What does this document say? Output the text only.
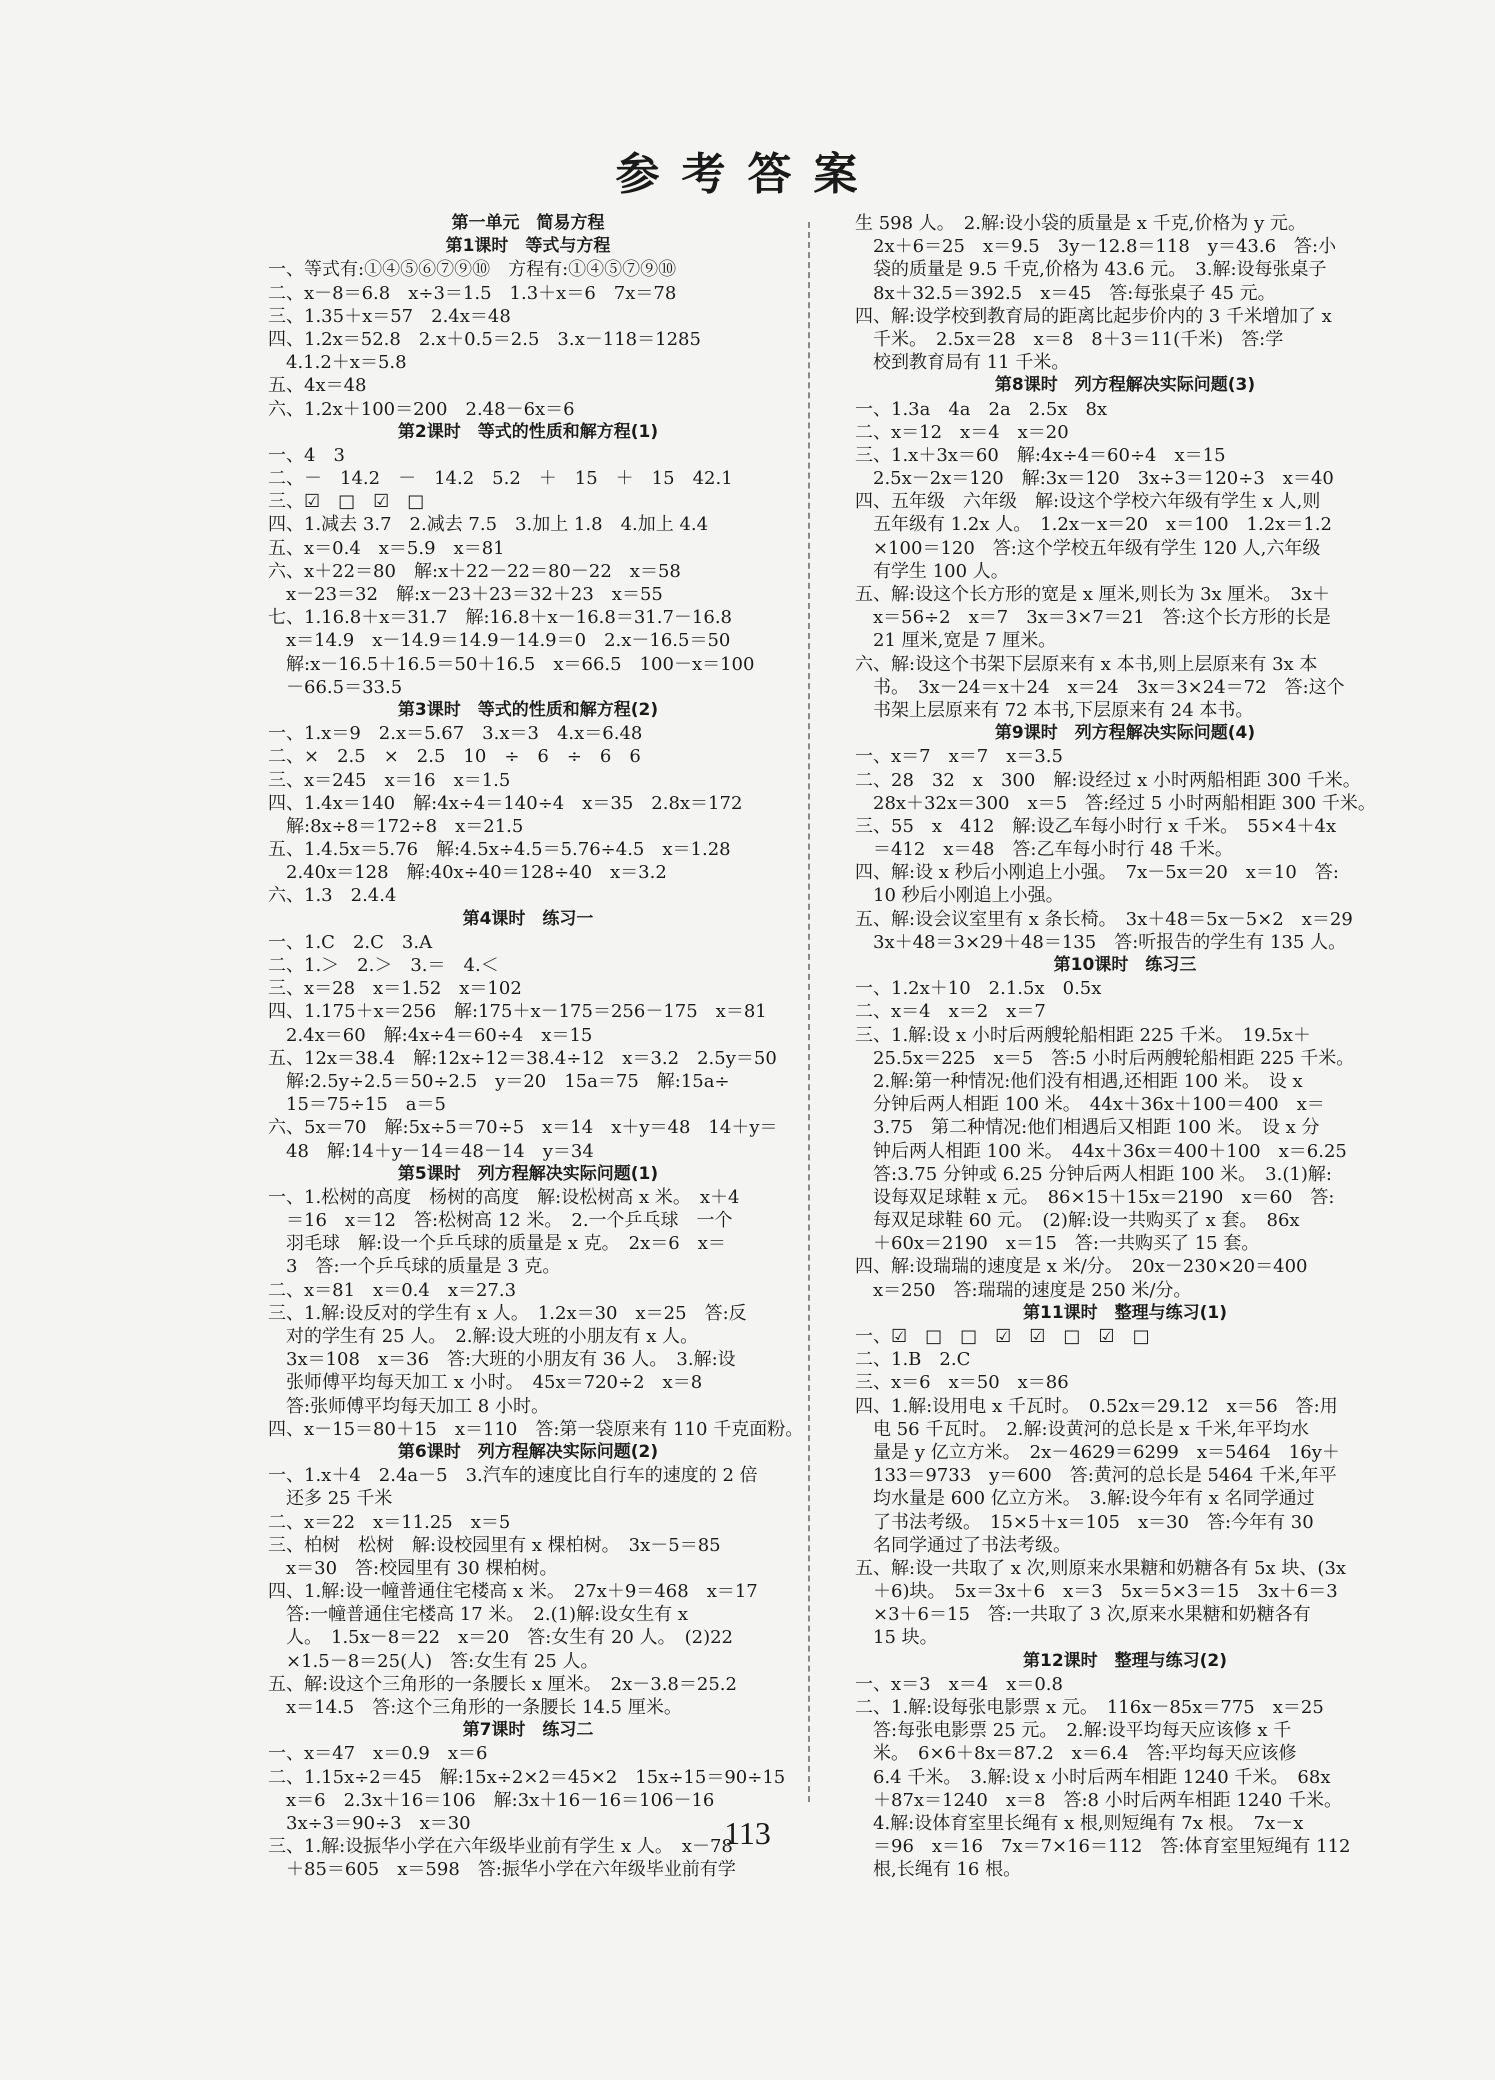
参考答案
第一单元　简易方程
第1课时　等式与方程
一、等式有:①④⑤⑥⑦⑨⑩　方程有:①④⑤⑦⑨⑩
二、x－8＝6.8　x÷3＝1.5　1.3＋x＝6　7x＝78
三、1.35＋x＝57　2.4x＝48
四、1.2x＝52.8　2.x＋0.5＝2.5　3.x－118＝1285
　4.1.2＋x＝5.8
五、4x＝48
六、1.2x＋100＝200　2.48－6x＝6
第2课时　等式的性质和解方程(1)
一、4　3
二、－　14.2　－　14.2　5.2　＋　15　＋　15　42.1
三、☑　□　☑　□
四、1.减去 3.7　2.减去 7.5　3.加上 1.8　4.加上 4.4
五、x＝0.4　x＝5.9　x＝81
六、x＋22＝80　解:x＋22－22＝80－22　x＝58
　x－23＝32　解:x－23＋23＝32＋23　x＝55
七、1.16.8＋x＝31.7　解:16.8＋x－16.8＝31.7－16.8
　x＝14.9　x－14.9＝14.9－14.9＝0　2.x－16.5＝50
　解:x－16.5＋16.5＝50＋16.5　x＝66.5　100－x＝100
　－66.5＝33.5
第3课时　等式的性质和解方程(2)
一、1.x＝9　2.x＝5.67　3.x＝3　4.x＝6.48
二、×　2.5　×　2.5　10　÷　6　÷　6　6
三、x＝245　x＝16　x＝1.5
四、1.4x＝140　解:4x÷4＝140÷4　x＝35　2.8x＝172
　解:8x÷8＝172÷8　x＝21.5
五、1.4.5x＝5.76　解:4.5x÷4.5＝5.76÷4.5　x＝1.28
　2.40x＝128　解:40x÷40＝128÷40　x＝3.2
六、1.3　2.4.4
第4课时　练习一
一、1.C　2.C　3.A
二、1.＞　2.＞　3.＝　4.＜
三、x＝28　x＝1.52　x＝102
四、1.175＋x＝256　解:175＋x－175＝256－175　x＝81
　2.4x＝60　解:4x÷4＝60÷4　x＝15
五、12x＝38.4　解:12x÷12＝38.4÷12　x＝3.2　2.5y＝50
　解:2.5y÷2.5＝50÷2.5　y＝20　15a＝75　解:15a÷
　15＝75÷15　a＝5
六、5x＝70　解:5x÷5＝70÷5　x＝14　x＋y＝48　14＋y＝
　48　解:14＋y－14＝48－14　y＝34
第5课时　列方程解决实际问题(1)
一、1.松树的高度　杨树的高度　解:设松树高 x 米。　x＋4
　＝16　x＝12　答:松树高 12 米。　2.一个乒乓球　一个
　羽毛球　解:设一个乒乓球的质量是 x 克。　2x＝6　x＝
　3　答:一个乒乓球的质量是 3 克。
二、x＝81　x＝0.4　x＝27.3
三、1.解:设反对的学生有 x 人。　1.2x＝30　x＝25　答:反
　对的学生有 25 人。　2.解:设大班的小朋友有 x 人。
　3x＝108　x＝36　答:大班的小朋友有 36 人。　3.解:设
　张师傅平均每天加工 x 小时。　45x＝720÷2　x＝8
　答:张师傅平均每天加工 8 小时。
四、x－15＝80＋15　x＝110　答:第一袋原来有 110 千克面粉。
第6课时　列方程解决实际问题(2)
一、1.x＋4　2.4a－5　3.汽车的速度比自行车的速度的 2 倍
　还多 25 千米
二、x＝22　x＝11.25　x＝5
三、柏树　松树　解:设校园里有 x 棵柏树。　3x－5＝85
　x＝30　答:校园里有 30 棵柏树。
四、1.解:设一幢普通住宅楼高 x 米。　27x＋9＝468　x＝17
　答:一幢普通住宅楼高 17 米。　2.(1)解:设女生有 x
　人。　1.5x－8＝22　x＝20　答:女生有 20 人。　(2)22
　×1.5－8＝25(人)　答:女生有 25 人。
五、解:设这个三角形的一条腰长 x 厘米。　2x－3.8＝25.2
　x＝14.5　答:这个三角形的一条腰长 14.5 厘米。
第7课时　练习二
一、x＝47　x＝0.9　x＝6
二、1.15x÷2＝45　解:15x÷2×2＝45×2　15x÷15＝90÷15
　x＝6　2.3x＋16＝106　解:3x＋16－16＝106－16
　3x÷3＝90÷3　x＝30
三、1.解:设振华小学在六年级毕业前有学生 x 人。　x－78
　＋85＝605　x＝598　答:振华小学在六年级毕业前有学
生 598 人。　2.解:设小袋的质量是 x 千克,价格为 y 元。
　2x＋6＝25　x＝9.5　3y－12.8＝118　y＝43.6　答:小
　袋的质量是 9.5 千克,价格为 43.6 元。　3.解:设每张桌子
　8x＋32.5＝392.5　x＝45　答:每张桌子 45 元。
四、解:设学校到教育局的距离比起步价内的 3 千米增加了 x
　千米。　2.5x＝28　x＝8　8＋3＝11(千米)　答:学
　校到教育局有 11 千米。
第8课时　列方程解决实际问题(3)
一、1.3a　4a　2a　2.5x　8x
二、x＝12　x＝4　x＝20
三、1.x＋3x＝60　解:4x÷4＝60÷4　x＝15
　2.5x－2x＝120　解:3x＝120　3x÷3＝120÷3　x＝40
四、五年级　六年级　解:设这个学校六年级有学生 x 人,则
　五年级有 1.2x 人。　1.2x－x＝20　x＝100　1.2x＝1.2
　×100＝120　答:这个学校五年级有学生 120 人,六年级
　有学生 100 人。
五、解:设这个长方形的宽是 x 厘米,则长为 3x 厘米。　3x＋
　x＝56÷2　x＝7　3x＝3×7＝21　答:这个长方形的长是
　21 厘米,宽是 7 厘米。
六、解:设这个书架下层原来有 x 本书,则上层原来有 3x 本
　书。　3x－24＝x＋24　x＝24　3x＝3×24＝72　答:这个
　书架上层原来有 72 本书,下层原来有 24 本书。
第9课时　列方程解决实际问题(4)
一、x＝7　x＝7　x＝3.5
二、28　32　x　300　解:设经过 x 小时两船相距 300 千米。
　28x＋32x＝300　x＝5　答:经过 5 小时两船相距 300 千米。
三、55　x　412　解:设乙车每小时行 x 千米。　55×4＋4x
　＝412　x＝48　答:乙车每小时行 48 千米。
四、解:设 x 秒后小刚追上小强。　7x－5x＝20　x＝10　答:
　10 秒后小刚追上小强。
五、解:设会议室里有 x 条长椅。　3x＋48＝5x－5×2　x＝29
　3x＋48＝3×29＋48＝135　答:听报告的学生有 135 人。
第10课时　练习三
一、1.2x＋10　2.1.5x　0.5x
二、x＝4　x＝2　x＝7
三、1.解:设 x 小时后两艘轮船相距 225 千米。　19.5x＋
　25.5x＝225　x＝5　答:5 小时后两艘轮船相距 225 千米。
　2.解:第一种情况:他们没有相遇,还相距 100 米。　设 x
　分钟后两人相距 100 米。　44x＋36x＋100＝400　x＝
　3.75　第二种情况:他们相遇后又相距 100 米。　设 x 分
　钟后两人相距 100 米。　44x＋36x＝400＋100　x＝6.25
　答:3.75 分钟或 6.25 分钟后两人相距 100 米。　3.(1)解:
　设每双足球鞋 x 元。　86×15＋15x＝2190　x＝60　答:
　每双足球鞋 60 元。　(2)解:设一共购买了 x 套。　86x
　＋60x＝2190　x＝15　答:一共购买了 15 套。
四、解:设瑞瑞的速度是 x 米/分。　20x－230×20＝400
　x＝250　答:瑞瑞的速度是 250 米/分。
第11课时　整理与练习(1)
一、☑　□　□　☑　☑　□　☑　□
二、1.B　2.C
三、x＝6　x＝50　x＝86
四、1.解:设用电 x 千瓦时。　0.52x＝29.12　x＝56　答:用
　电 56 千瓦时。　2.解:设黄河的总长是 x 千米,年平均水
　量是 y 亿立方米。　2x－4629＝6299　x＝5464　16y＋
　133＝9733　y＝600　答:黄河的总长是 5464 千米,年平
　均水量是 600 亿立方米。　3.解:设今年有 x 名同学通过
　了书法考级。　15×5＋x＝105　x＝30　答:今年有 30
　名同学通过了书法考级。
五、解:设一共取了 x 次,则原来水果糖和奶糖各有 5x 块、(3x
　＋6)块。　5x＝3x＋6　x＝3　5x＝5×3＝15　3x＋6＝3
　×3＋6＝15　答:一共取了 3 次,原来水果糖和奶糖各有
　15 块。
第12课时　整理与练习(2)
一、x＝3　x＝4　x＝0.8
二、1.解:设每张电影票 x 元。　116x－85x＝775　x＝25
　答:每张电影票 25 元。　2.解:设平均每天应该修 x 千
　米。　6×6＋8x＝87.2　x＝6.4　答:平均每天应该修
　6.4 千米。　3.解:设 x 小时后两车相距 1240 千米。　68x
　＋87x＝1240　x＝8　答:8 小时后两车相距 1240 千米。
　4.解:设体育室里长绳有 x 根,则短绳有 7x 根。　7x－x
　＝96　x＝16　7x＝7×16＝112　答:体育室里短绳有 112
　根,长绳有 16 根。
113
